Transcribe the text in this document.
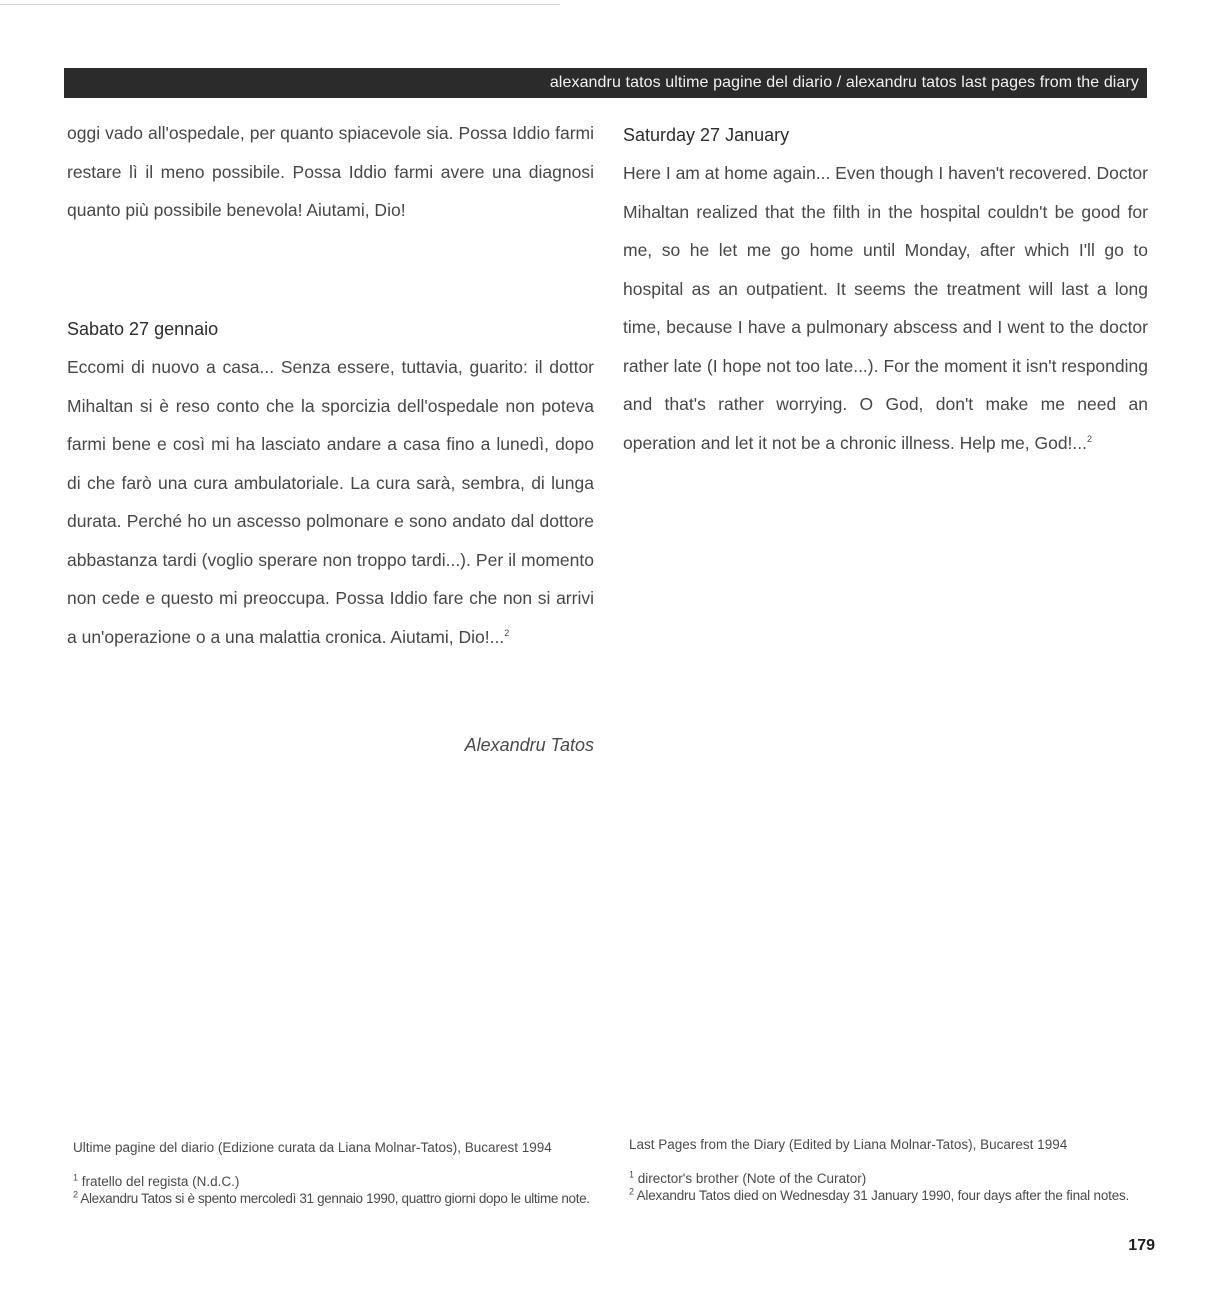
alexandru tatos ultime pagine del diario / alexandru tatos last pages from the diary

oggi vado all'ospedale, per quanto spiacevole sia. Possa Iddio farmi restare lì il meno possibile. Possa Iddio farmi avere una diagnosi quanto più possibile benevola! Aiutami, Dio!

Sabato 27 gennaio

Eccomi di nuovo a casa... Senza essere, tuttavia, guarito: il dottor Mihaltan si è reso conto che la sporcizia dell'ospedale non poteva farmi bene e così mi ha lasciato andare a casa fino a lunedì, dopo di che farò una cura ambulatoriale. La cura sarà, sembra, di lunga durata. Perché ho un ascesso polmonare e sono andato dal dottore abbastanza tardi (voglio sperare non troppo tardi...). Per il momento non cede e questo mi preoccupa. Possa Iddio fare che non si arrivi a un'operazione o a una malattia cronica. Aiutami, Dio!...$^2$

Alexandru Tatos

Saturday 27 January

Here I am at home again... Even though I haven't recovered. Doctor Mihaltan realized that the filth in the hospital couldn't be good for me, so he let me go home until Monday, after which I'll go to hospital as an outpatient. It seems the treatment will last a long time, because I have a pulmonary abscess and I went to the doctor rather late (I hope not too late...). For the moment it isn't responding and that's rather worrying. O God, don't make me need an operation and let it not be a chronic illness. Help me, God!...$^2$

Ultime pagine del diario (Edizione curata da Liana Molnar-Tatos), Bucarest 1994

$^1$ fratello del regista (N.d.C.)

$^2$ Alexandru Tatos si è spento mercoledì 31 gennaio 1990, quattro giorni dopo le ultime note.

Last Pages from the Diary (Edited by Liana Molnar-Tatos), Bucarest 1994

$^1$ director's brother (Note of the Curator)

$^2$ Alexandru Tatos died on Wednesday 31 January 1990, four days after the final notes.

179
